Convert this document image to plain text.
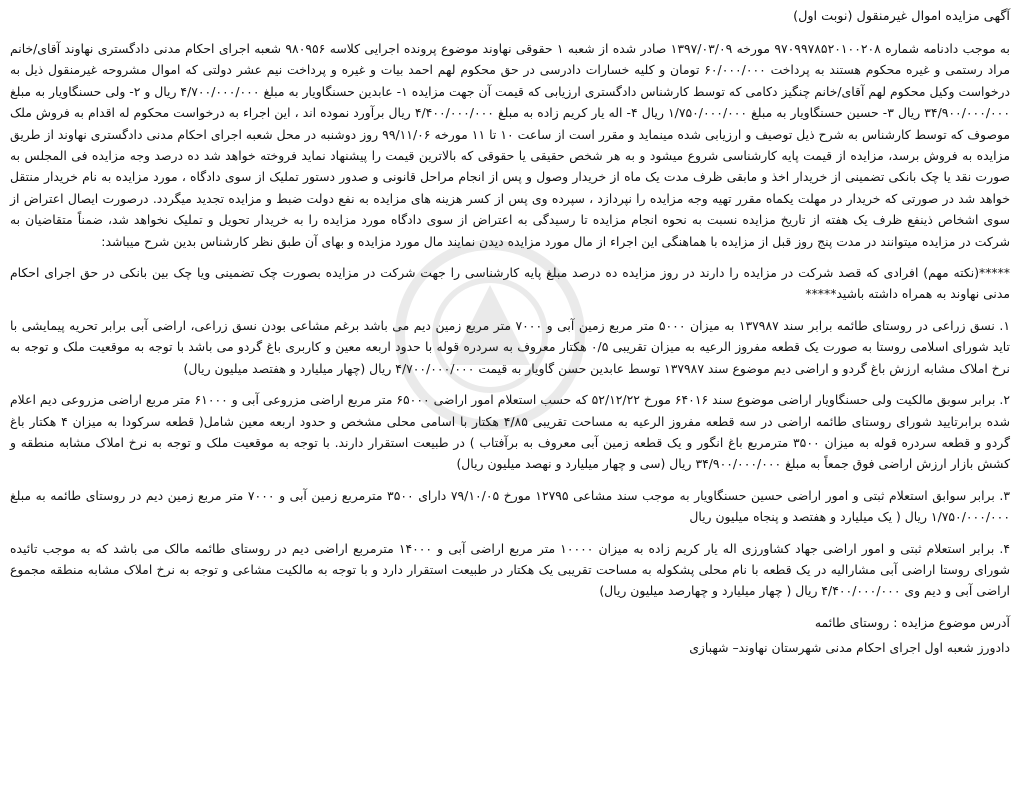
آگهی مزایده اموال غیرمنقول (نوبت اول)
به موجب دادنامه شماره ۹۷۰۹۹۷۸۵۲۰۱۰۰۲۰۸ مورخه ۱۳۹۷/۰۳/۰۹ صادر شده از شعبه ۱ حقوقی نهاوند موضوع پرونده اجرایی کلاسه ۹۸۰۹۵۶ شعبه اجرای احکام مدنی دادگستری نهاوند آقای/خانم مراد رستمی و غیره محکوم هستند به پرداخت ۶۰/۰۰۰/۰۰۰ تومان و کلیه خسارات دادرسی در حق محکوم لهم احمد بیات و غیره و پرداخت نیم عشر دولتی که اموال مشروحه غیرمنقول ذیل به درخواست وکیل محکوم لهم آقای/خانم چنگیز دکامی که توسط کارشناس دادگستری ارزیابی که قیمت آن جهت مزایده ۱- عابدین حسنگاویار به مبلغ ۴/۷۰۰/۰۰۰/۰۰۰ ریال و ۲- ولی حسنگاویار به مبلغ ۳۴/۹۰۰/۰۰۰/۰۰۰ ریال ۳- حسین حسنگاویار به مبلغ ۱/۷۵۰/۰۰۰/۰۰۰ ریال ۴- اله یار کریم زاده به مبلغ ۴/۴۰۰/۰۰۰/۰۰۰ ریال برآورد نموده اند ، این اجراء به درخواست محکوم له اقدام به فروش ملک موصوف که توسط کارشناس به شرح ذیل توصیف و ارزیابی شده مینماید و مقرر است از ساعت ۱۰ تا ۱۱ مورخه ۹۹/۱۱/۰۶ روز دوشنبه در محل شعبه اجرای احکام مدنی دادگستری نهاوند از طریق مزایده به فروش برسد، مزایده از قیمت پایه کارشناسی شروع میشود و به هر شخص حقیقی یا حقوقی که بالاترین قیمت را پیشنهاد نماید فروخته خواهد شد ده درصد وجه مزایده فی المجلس به صورت نقد یا چک بانکی تضمینی از خریدار اخذ و مابقی ظرف مدت یک ماه از خریدار وصول و پس از انجام مراحل قانونی و صدور دستور تملیک از سوی دادگاه ، مورد مزایده به نام خریدار منتقل خواهد شد در صورتی که خریدار در مهلت یکماه مقرر تهیه وجه مزایده را نپردازد ، سپرده وی پس از کسر هزینه های مزایده به نفع دولت ضبط و مزایده تجدید میگردد. درصورت ایصال اعتراض از سوی اشخاص ذینفع ظرف یک هفته از تاریخ مزایده نسبت به نحوه انجام مزایده تا رسیدگی به اعتراض از سوی دادگاه مورد مزایده را به خریدار تحویل و تملیک نخواهد شد، ضمناً متقاضیان به شرکت در مزایده میتوانند در مدت پنج روز قبل از مزایده با هماهنگی این اجراء از مال مورد مزایده دیدن نمایند مال مورد مزایده و بهای آن طبق نظر کارشناس بدین شرح میباشد:
*****(نکته مهم) افرادی که قصد شرکت در مزایده را دارند در روز مزایده ده درصد مبلغ پایه کارشناسی را جهت شرکت در مزایده بصورت چک تضمینی ویا چک بین بانکی در حق اجرای احکام مدنی نهاوند به همراه داشته باشید*****
۱. نسق زراعی در روستای طائمه برابر سند ۱۳۷۹۸۷ به میزان ۵۰۰۰ متر مربع زمین آبی و ۷۰۰۰ متر مربع زمین دیم می باشد برغم مشاعی بودن نسق زراعی، اراضی آبی برابر تحریه پیمایشی با تاید شورای اسلامی روستا به صورت یک قطعه مفروز الرعیه به میزان تقریبی ۰/۵ هکتار معروف به سردره قوله با حدود اربعه معین و کاربری باغ گردو می باشد با توجه به موقعیت ملک و توجه به نرخ املاک مشابه ارزش باغ گردو و اراضی دیم موضوع سند ۱۳۷۹۸۷ توسط عابدین حسن گاویار به قیمت ۴/۷۰۰/۰۰۰/۰۰۰ ریال (چهار میلیارد و هفتصد میلیون ریال)
۲. برابر سوبق مالکیت ولی حسنگاویار اراضی موضوع سند ۶۴۰۱۶ مورخ ۵۲/۱۲/۲۲ که حسب استعلام امور اراضی ۶۵۰۰۰ متر مربع اراضی مزروعی آبی و ۶۱۰۰۰ متر مربع اراضی مزروعی دیم اعلام شده برابرتایید شورای روستای طائمه اراضی در سه قطعه مفروز الرعیه به مساحت تقریبی ۴/۸۵ هکتار با اسامی محلی مشخص و حدود اربعه معین شامل( قطعه سرکودا به میزان ۴ هکتار باغ گردو و قطعه سردره قوله به میزان ۳۵۰۰ مترمربع باغ انگور و یک قطعه زمین آبی معروف به برآفتاب ) در طبیعت استقرار دارند. با توجه به موقعیت ملک و توجه به نرخ املاک مشابه منطقه و کشش بازار ارزش اراضی فوق جمعاً به مبلغ ۳۴/۹۰۰/۰۰۰/۰۰۰ ریال (سی و چهار میلیارد و نهصد میلیون ریال)
۳. برابر سوابق استعلام ثبتی و امور اراضی حسین حسنگاویار به موجب سند مشاعی ۱۲۷۹۵ مورخ ۷۹/۱۰/۰۵ دارای ۳۵۰۰ مترمربع زمین آبی و ۷۰۰۰ متر مربع زمین دیم در روستای طائمه به مبلغ ۱/۷۵۰/۰۰۰/۰۰۰ ریال ( یک میلیارد و هفتصد و پنجاه میلیون ریال
۴. برابر استعلام ثبتی و امور اراضی جهاد کشاورزی اله یار کریم زاده به میزان ۱۰۰۰۰ متر مربع اراضی آبی و ۱۴۰۰۰ مترمربع اراضی دیم در روستای طائمه مالک می باشد که به موجب تائیده شورای روستا اراضی آبی مشارالیه در یک قطعه با نام محلی پشکوله به مساحت تقریبی یک هکتار در طبیعت استقرار دارد و با توجه به مالکیت مشاعی و توجه به نرخ املاک مشابه منطقه مجموع اراضی آبی و دیم وی ۴/۴۰۰/۰۰۰/۰۰۰ ریال ( چهار میلیارد و چهارصد میلیون ریال)
آدرس موضوع مزایده : روستای طائمه
دادورز شعبه اول اجرای احکام مدنی شهرستان نهاوند– شهبازی
